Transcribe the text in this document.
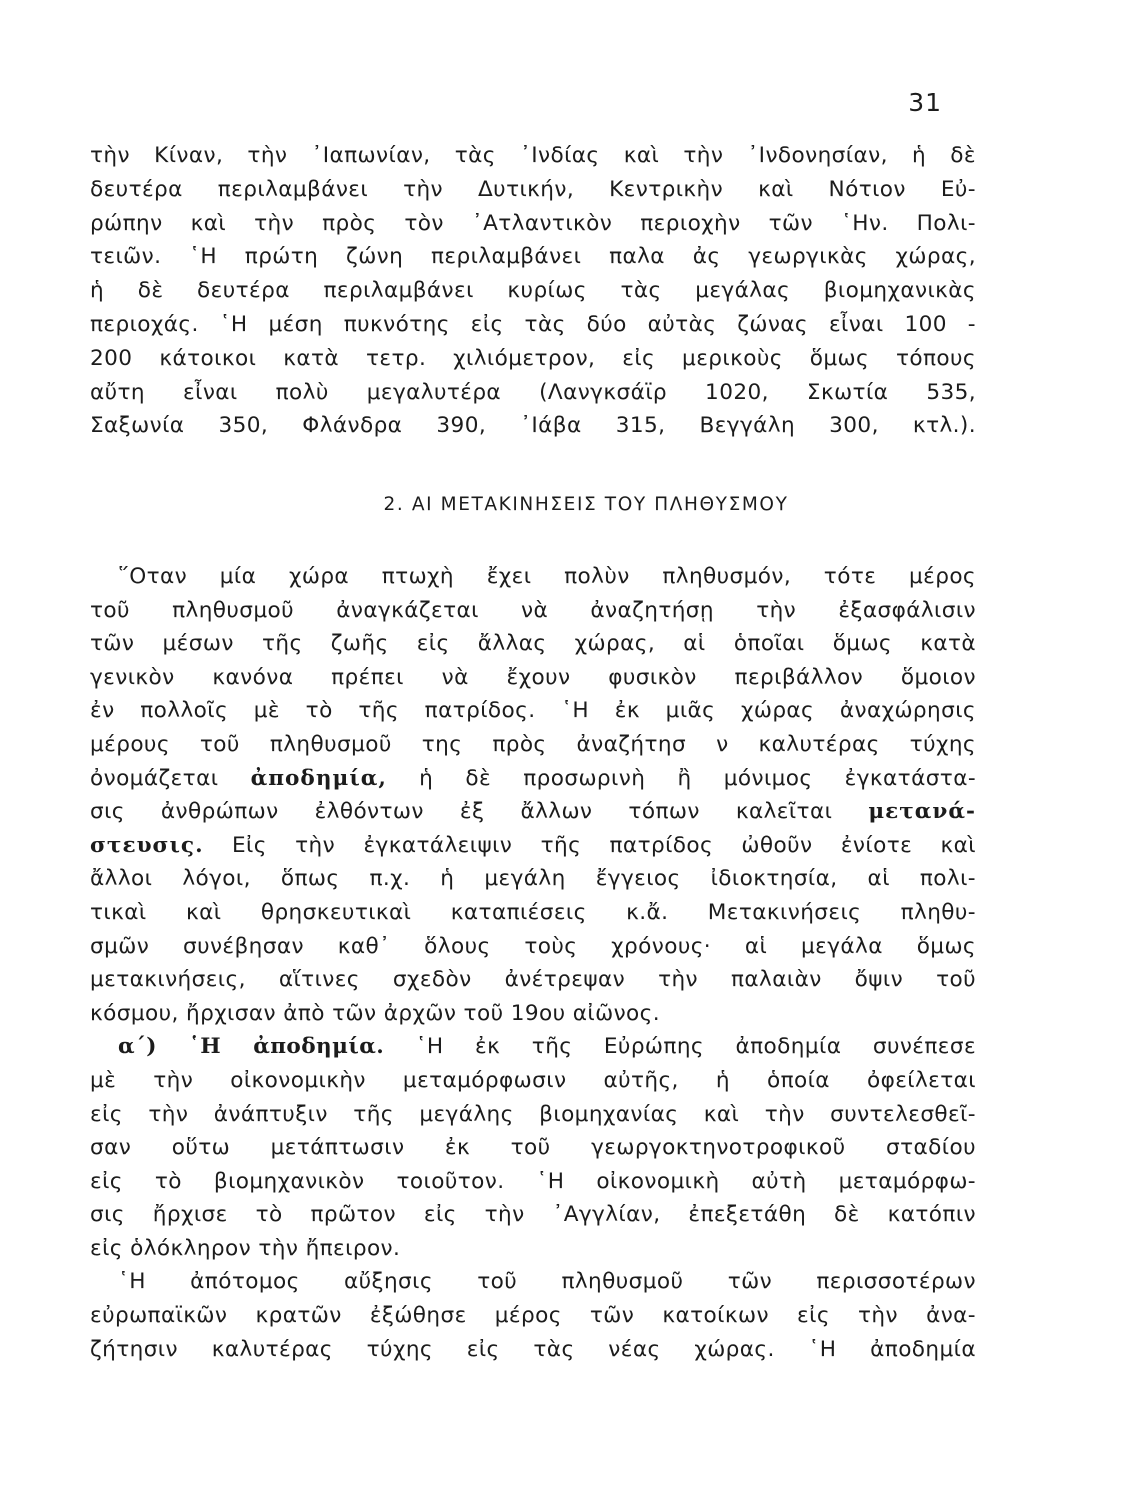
31
τὴν Κίναν, τὴν ᾿Ιαπωνίαν, τὰς ᾿Ινδίας καὶ τὴν ᾿Ινδονησίαν, ἡ δὲ
δευτέρα περιλαμβάνει τὴν Δυτικήν, Κεντρικὴν καὶ Νότιον Εὐ-
ρώπην καὶ τὴν πρὸς τὸν ᾿Ατλαντικὸν περιοχὴν τῶν ῾Ην. Πολι-
τειῶν. ῾Η πρώτη ζώνη περιλαμβάνει παλα ἀς γεωργικὰς χώρας,
ἡ δὲ δευτέρα περιλαμβάνει κυρίως τὰς μεγάλας βιομηχανικὰς
περιοχάς. ῾Η μέση πυκνότης εἰς τὰς δύο αὐτὰς ζώνας εἶναι 100 -
200 κάτοικοι κατὰ τετρ. χιλιόμετρον, εἰς μερικοὺς ὅμως τόπους
αὔτη εἶναι πολὺ μεγαλυτέρα (Λανγκσάϊρ 1020, Σκωτία 535,
Σαξωνία 350, Φλάνδρα 390, ᾿Ιάβα 315, Βεγγάλη 300, κτλ.).
2. ΑΙ ΜΕΤΑΚΙΝΗΣΕΙΣ ΤΟΥ ΠΛΗΘΥΣΜΟΥ
῞Οταν μία χώρα πτωχὴ ἔχει πολὺν πληθυσμόν, τότε μέρος
τοῦ πληθυσμοῦ ἀναγκάζεται νὰ ἀναζητήσῃ τὴν ἐξασφάλισιν
τῶν μέσων τῆς ζωῆς εἰς ἄλλας χώρας, αἱ ὁποῖαι ὅμως κατὰ
γενικὸν κανόνα πρέπει νὰ ἔχουν φυσικὸν περιβάλλον ὅμοιον
ἐν πολλοῖς μὲ τὸ τῆς πατρίδος. ῾Η ἐκ μιᾶς χώρας ἀναχώρησις
μέρους τοῦ πληθυσμοῦ της πρὸς ἀναζήτησ ν καλυτέρας τύχης
ὀνομάζεται ἀποδημία, ἡ δὲ προσωρινὴ ἢ μόνιμος ἐγκατάστα-
σις ἀνθρώπων ἐλθόντων ἐξ ἄλλων τόπων καλεῖται μετανά-
στευσις. Εἰς τὴν ἐγκατάλειψιν τῆς πατρίδος ὠθοῦν ἐνίοτε καὶ
ἄλλοι λόγοι, ὅπως π.χ. ἡ μεγάλη ἔγγειος ἰδιοκτησία, αἱ πολι-
τικαὶ καὶ θρησκευτικαὶ καταπιέσεις κ.ἄ. Μετακινήσεις πληθυ-
σμῶν συνέβησαν καθ᾿ ὅλους τοὺς χρόνους· αἱ μεγάλα ὅμως
μετακινήσεις, αἵτινες σχεδὸν ἀνέτρεψαν τὴν παλαιὰν ὄψιν τοῦ
κόσμου, ἤρχισαν ἀπὸ τῶν ἀρχῶν τοῦ 19ου αἰῶνος.
α΄) ῾Η ἀποδημία. ῾Η ἐκ τῆς Εὐρώπης ἀποδημία συνέπεσε
μὲ τὴν οἰκονομικὴν μεταμόρφωσιν αὐτῆς, ἡ ὁποία ὀφείλεται
εἰς τὴν ἀνάπτυξιν τῆς μεγάλης βιομηχανίας καὶ τὴν συντελεσθεῖ-
σαν οὕτω μετάπτωσιν ἐκ τοῦ γεωργοκτηνοτροφικοῦ σταδίου
εἰς τὸ βιομηχανικὸν τοιοῦτον. ῾Η οἰκονομικὴ αὐτὴ μεταμόρφω-
σις ἤρχισε τὸ πρῶτον εἰς τὴν ᾿Αγγλίαν, ἐπεξετάθη δὲ κατόπιν
εἰς ὁλόκληρον τὴν ἤπειρον.
῾Η ἀπότομος αὔξησις τοῦ πληθυσμοῦ τῶν περισσοτέρων
εὐρωπαϊκῶν κρατῶν ἐξώθησε μέρος τῶν κατοίκων εἰς τὴν ἀνα-
ζήτησιν καλυτέρας τύχης εἰς τὰς νέας χώρας. ῾Η ἀποδημία
